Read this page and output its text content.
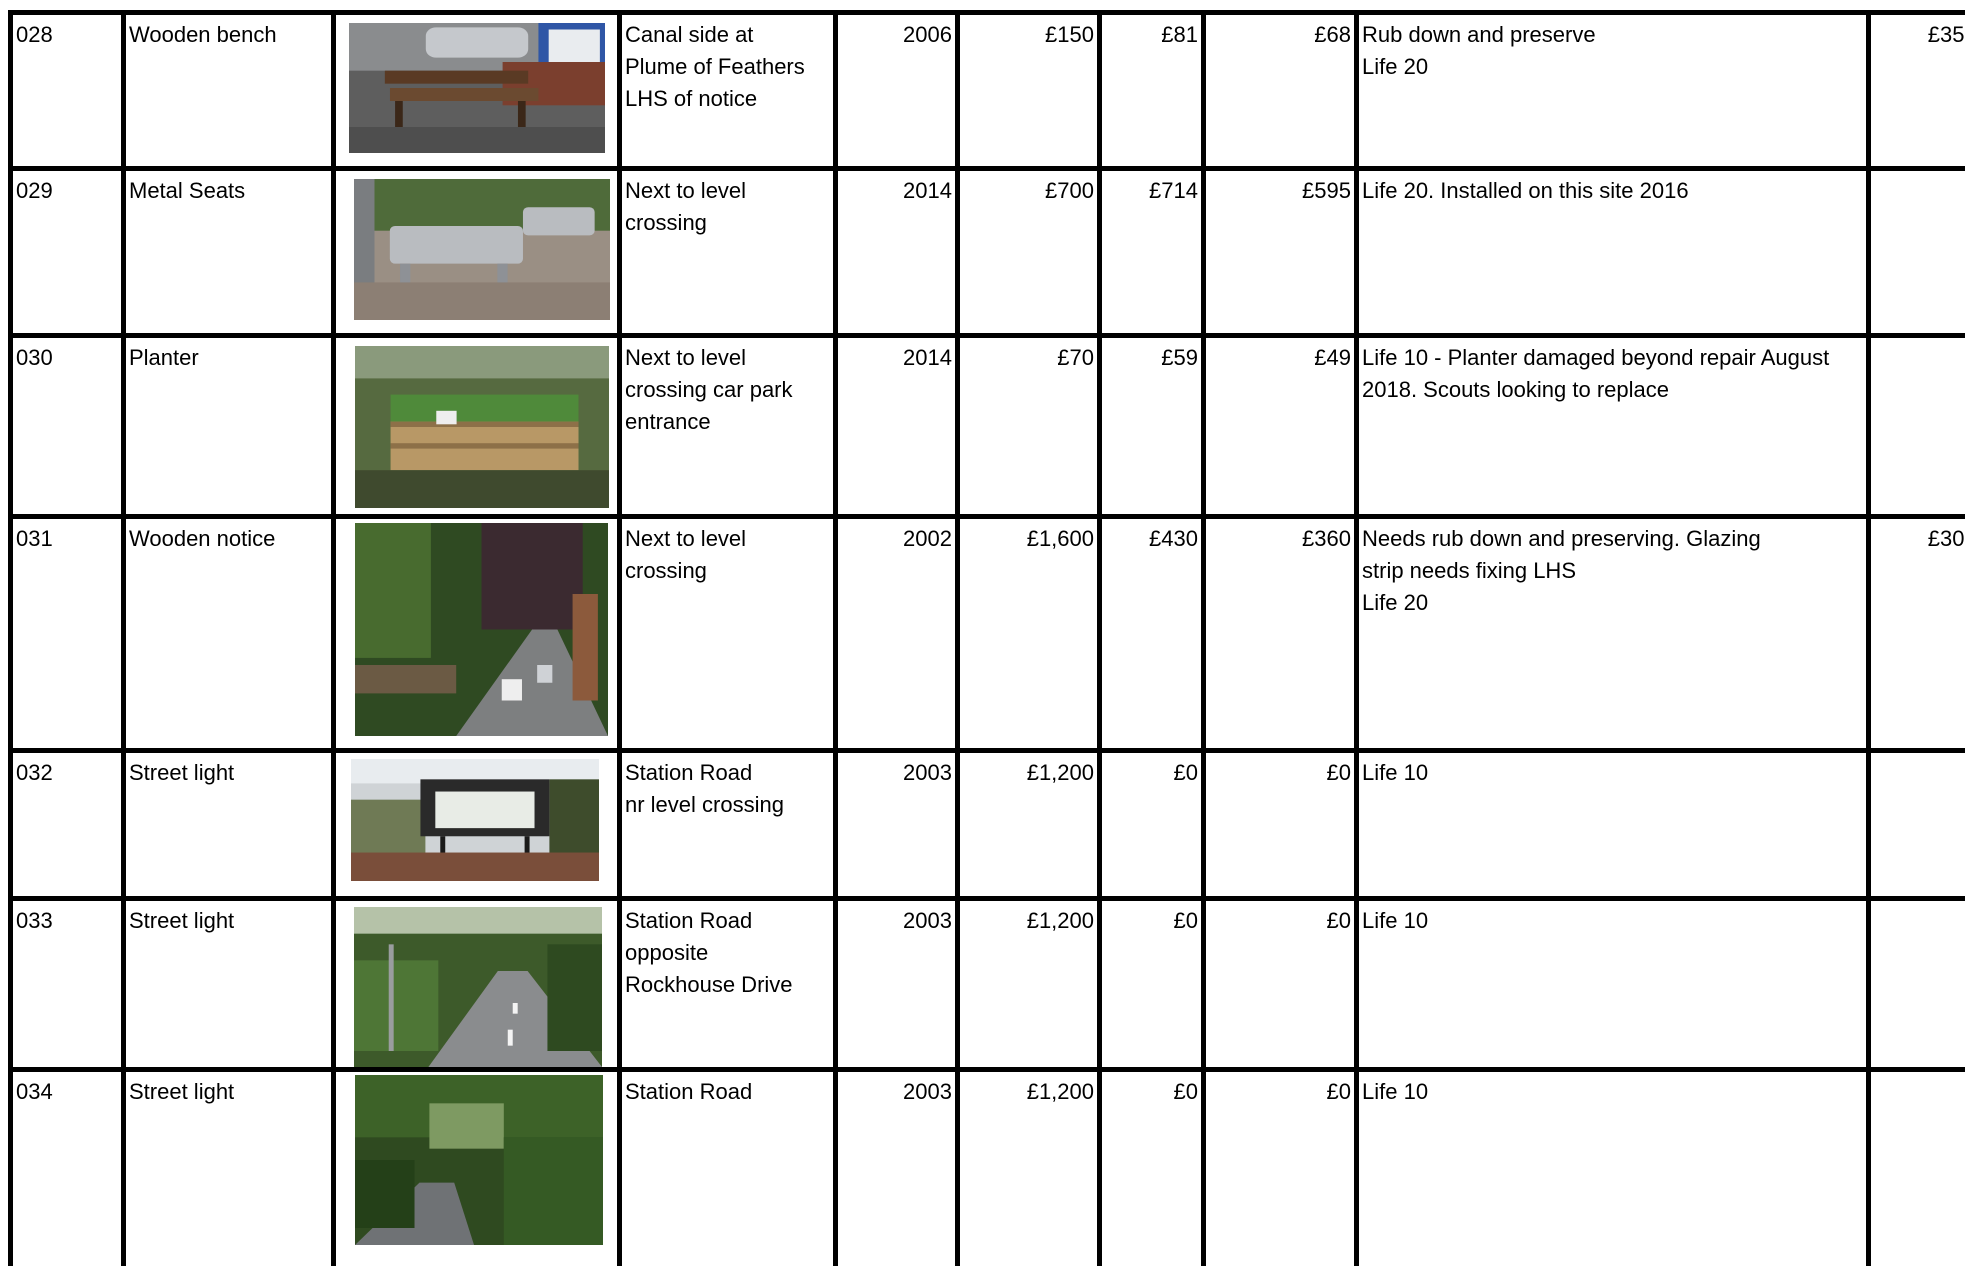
028	Wooden bench		Canal side at
Plume of Feathers
LHS of notice	2006	£150	£81	£68	Rub down and preserve
Life 20	£35
029	Metal Seats		Next to level
crossing	2014	£700	£714	£595	Life 20. Installed on this site 2016	

030	Planter		Next to level
crossing car park
entrance	2014	£70	£59	£49	Life 10 - Planter damaged beyond repair August
2018. Scouts looking to replace	

031	Wooden notice		Next to level
crossing	2002	£1,600	£430	£360	Needs rub down and preserving. Glazing
strip needs fixing LHS
Life 20	£30
032	Street light		Station Road
nr level crossing	2003	£1,200	£0	£0	Life 10	

033	Street light		Station Road
opposite
Rockhouse Drive	2003	£1,200	£0	£0	Life 10	

034	Street light		Station Road	2003	£1,200	£0	£0	Life 10	
